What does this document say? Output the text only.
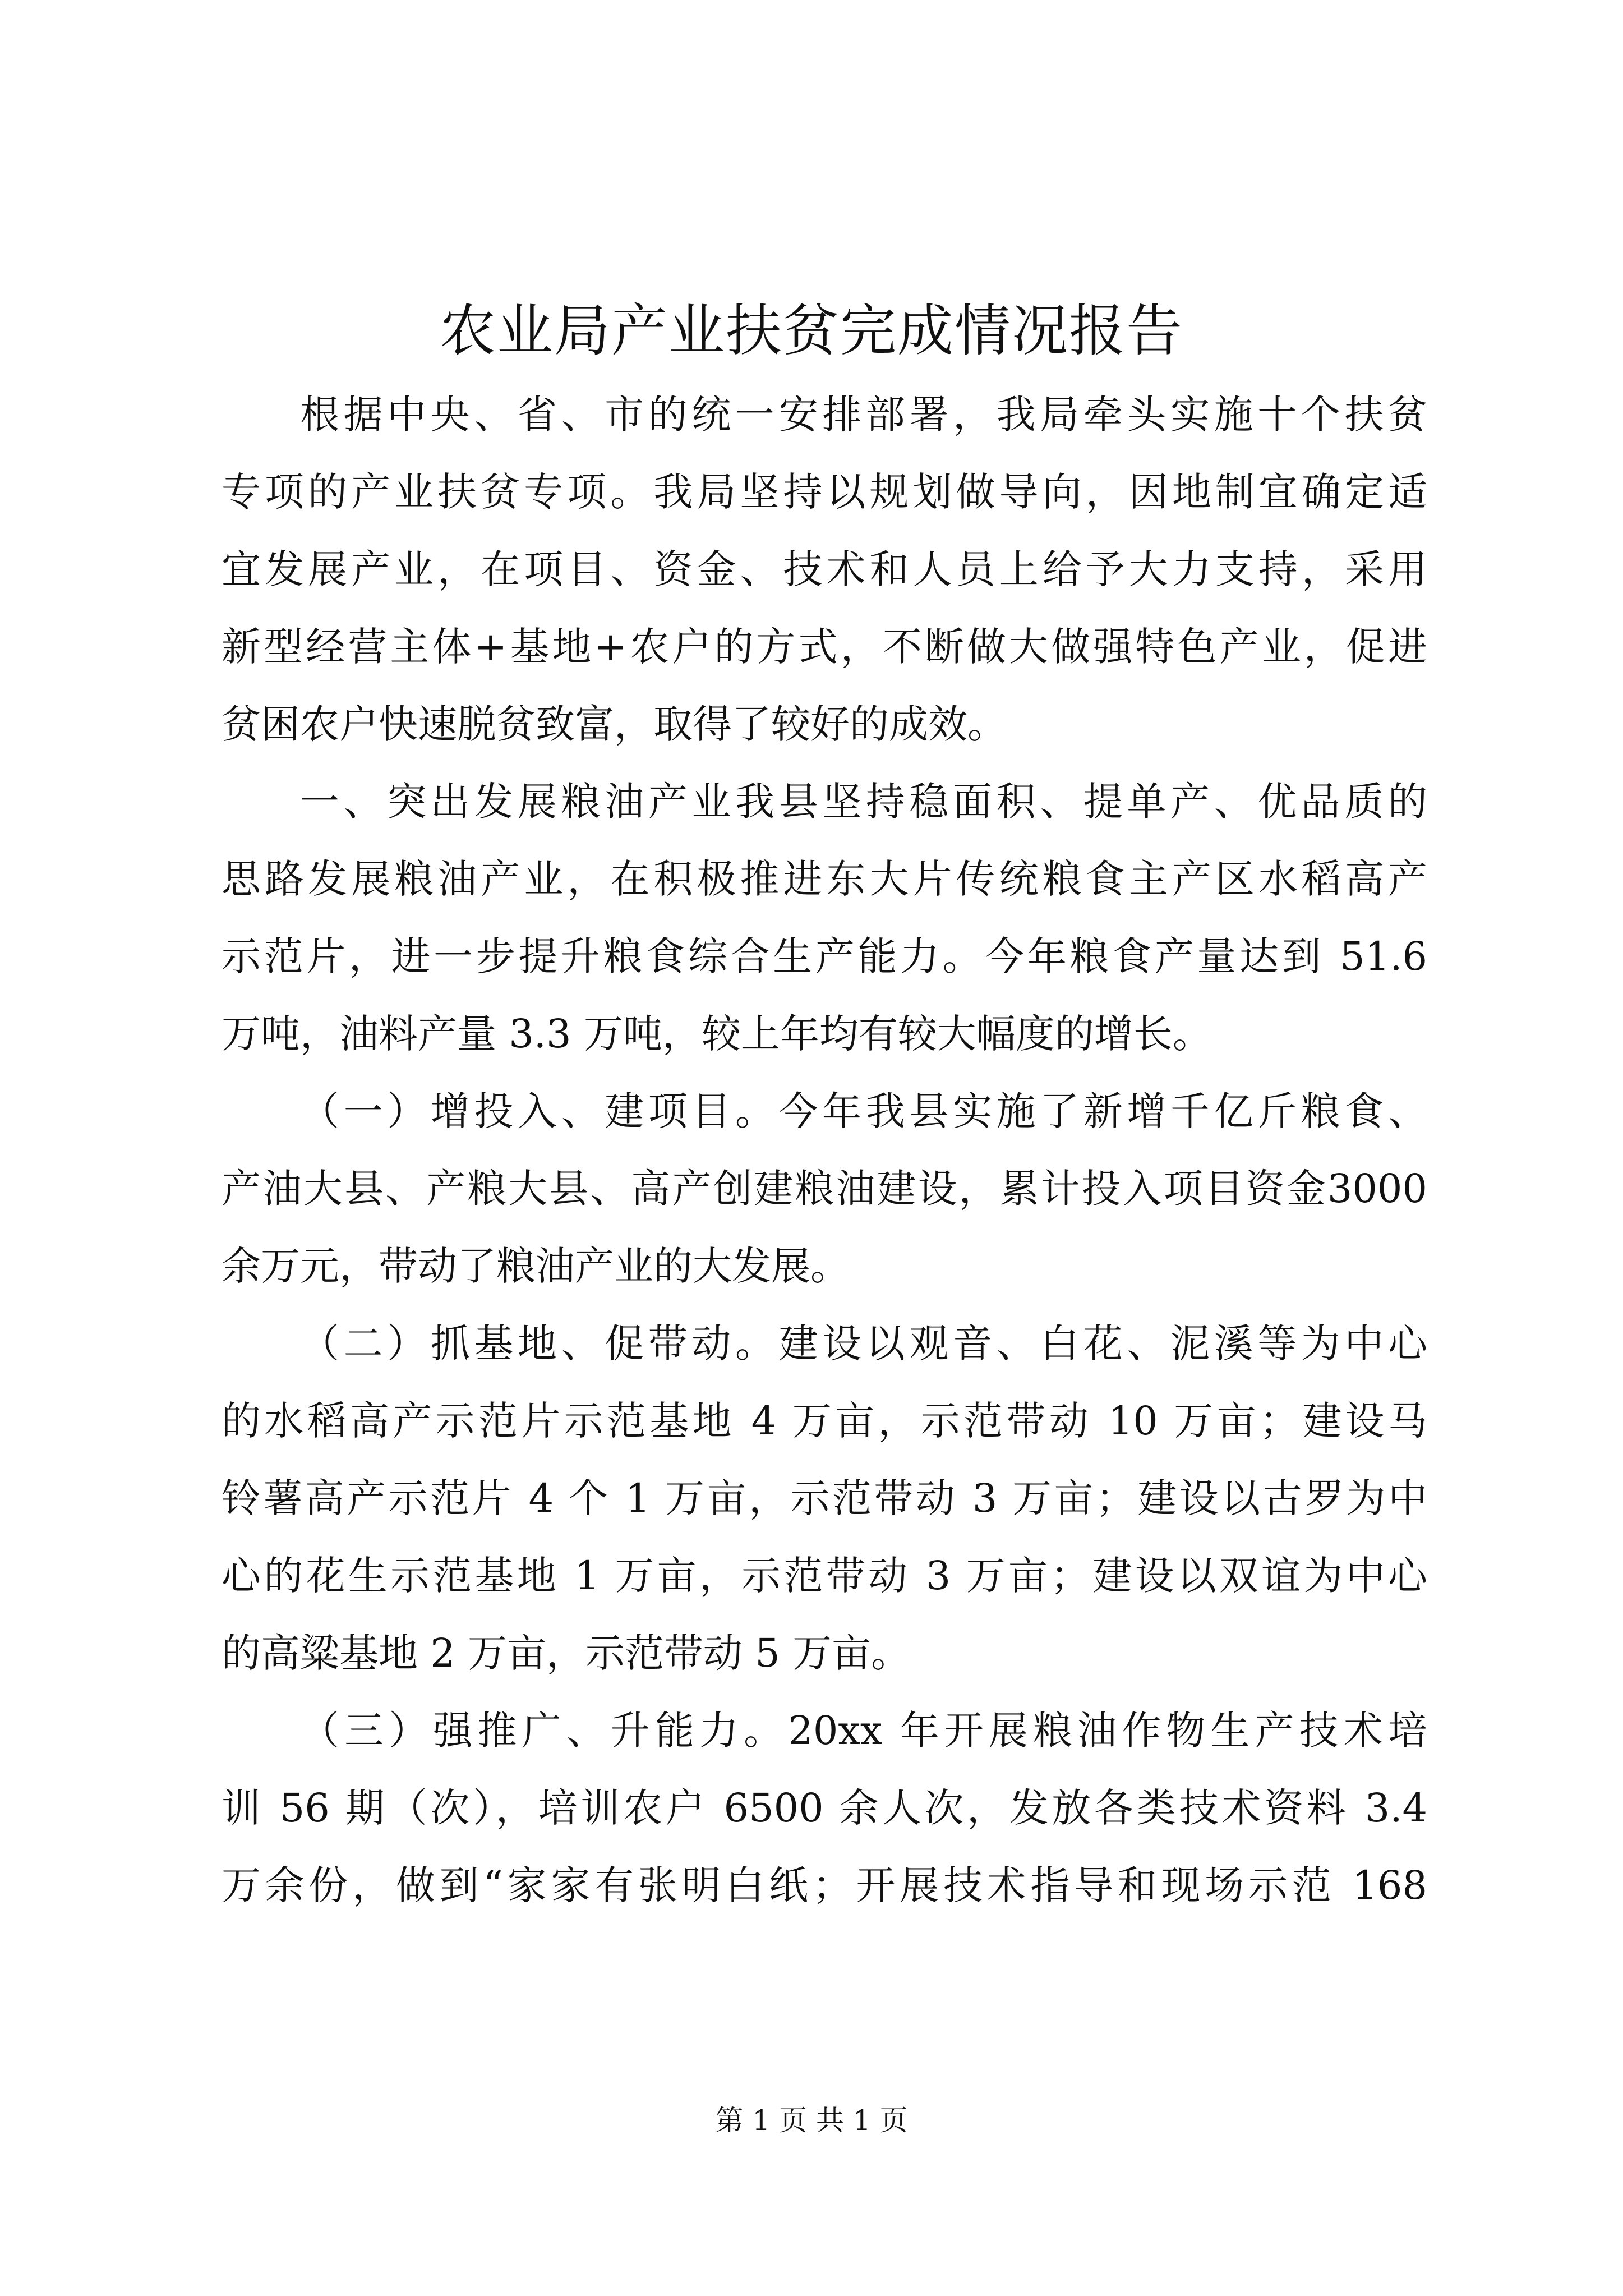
农业局产业扶贫完成情况报告
根据中央、省、市的统一安排部署，我局牵头实施十个扶贫
专项的产业扶贫专项。我局坚持以规划做导向，因地制宜确定适
宜发展产业，在项目、资金、技术和人员上给予大力支持，采用
新型经营主体+基地+农户的方式，不断做大做强特色产业，促进
贫困农户快速脱贫致富，取得了较好的成效。
一、突出发展粮油产业我县坚持稳面积、提单产、优品质的
思路发展粮油产业，在积极推进东大片传统粮食主产区水稻高产
示范片，进一步提升粮食综合生产能力。今年粮食产量达到 51.6
万吨，油料产量 3.3 万吨，较上年均有较大幅度的增长。
（一）增投入、建项目。今年我县实施了新增千亿斤粮食、
产油大县、产粮大县、高产创建粮油建设，累计投入项目资金3000
余万元，带动了粮油产业的大发展。
（二）抓基地、促带动。建设以观音、白花、泥溪等为中心
的水稻高产示范片示范基地 4 万亩，示范带动 10 万亩；建设马
铃薯高产示范片 4 个 1 万亩，示范带动 3 万亩；建设以古罗为中
心的花生示范基地 1 万亩，示范带动 3 万亩；建设以双谊为中心
的高粱基地 2 万亩，示范带动 5 万亩。
（三）强推广、升能力。20xx 年开展粮油作物生产技术培
训 56 期（次），培训农户 6500 余人次，发放各类技术资料 3.4
万余份，做到“家家有张明白纸；开展技术指导和现场示范 168
第 1 页 共 1 页
